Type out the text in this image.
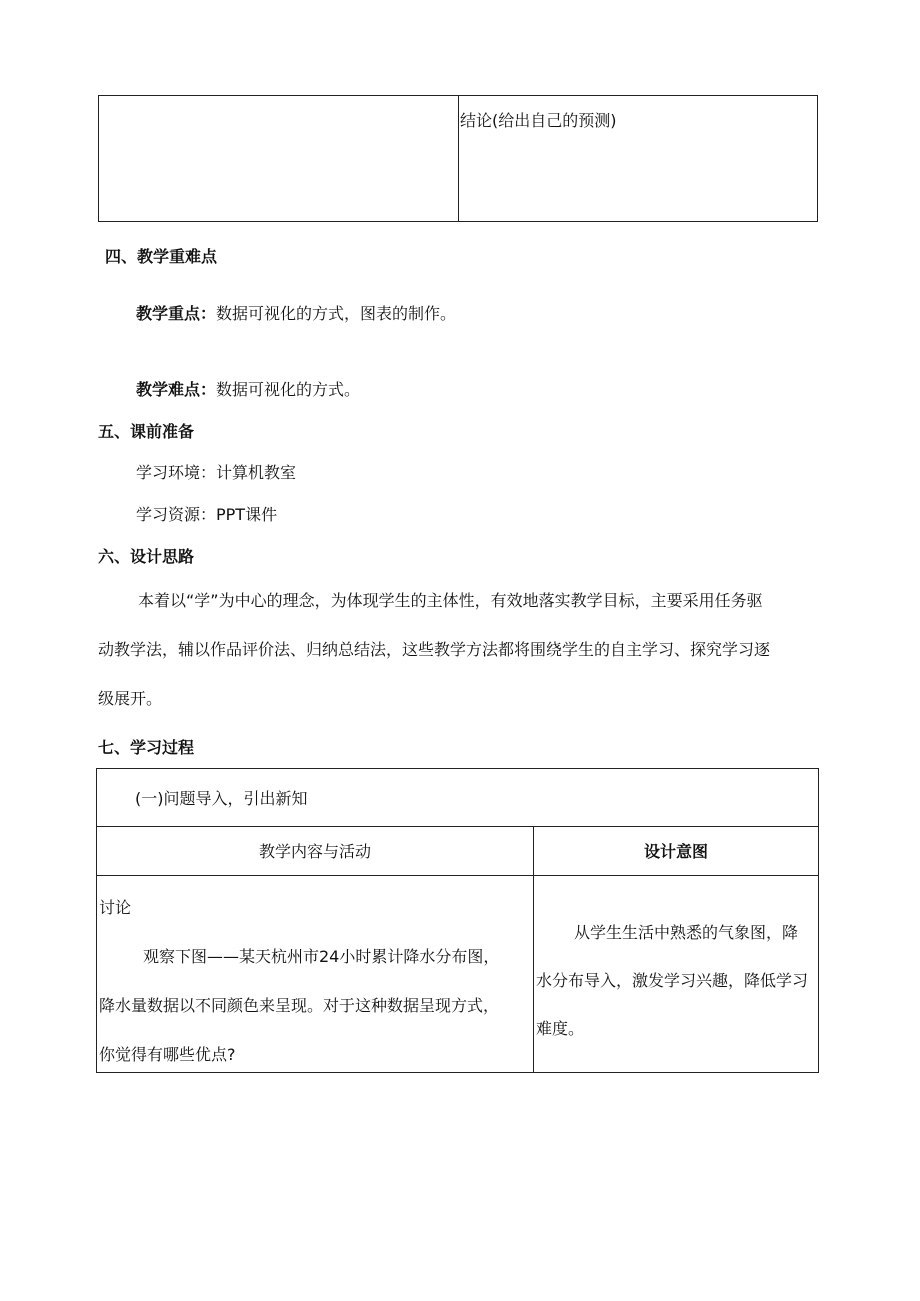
结论(给出自己的预测)
四、教学重难点
教学重点：数据可视化的方式，图表的制作。
教学难点：数据可视化的方式。
五、课前准备
学习环境：计算机教室
学习资源：PPT课件
六、设计思路
本着以“学”为中心的理念，为体现学生的主体性，有效地落实教学目标，主要采用任务驱
动教学法，辅以作品评价法、归纳总结法，这些教学方法都将围绕学生的自主学习、探究学习逐
级展开。
七、学习过程
(一)问题导入，引出新知
教学内容与活动	设计意图
讨论
观察下图——某天杭州市24小时累计降水分布图，
降水量数据以不同颜色来呈现。对于这种数据呈现方式，
你觉得有哪些优点?
从学生生活中熟悉的气象图，降
水分布导入，激发学习兴趣，降低学习
难度。
